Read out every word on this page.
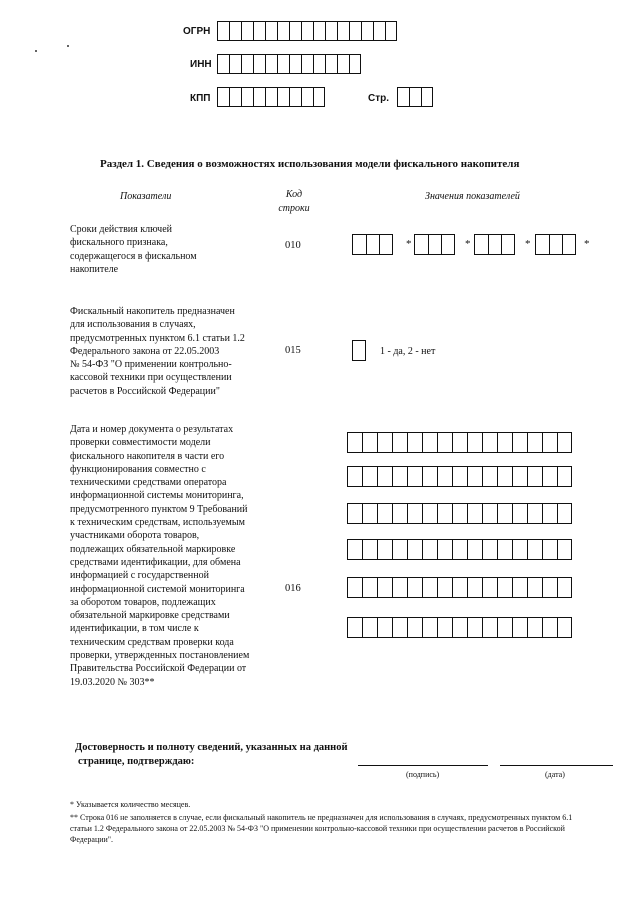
ОГРН
ИНН
КПП	Стр.
Раздел 1. Сведения о возможностях использования модели фискального накопителя
Показатели	Код
строки
Значения показателей
Сроки действия ключей
фискального признака,
содержащегося в фискальном
накопителе
010	*	*	*	*
Фискальный накопитель предназначен
для использования в случаях,
предусмотренных пунктом 6.1 статьи 1.2
Федерального закона от 22.05.2003
№ 54-ФЗ "О применении контрольно-
кассовой техники при осуществлении
расчетов в Российской Федерации"
015	1 - да, 2 - нет
Дата и номер документа о результатах
проверки совместимости модели
фискального накопителя в части его
функционирования совместно с
техническими средствами оператора
информационной системы мониторинга,
предусмотренного пунктом 9 Требований
к техническим средствам, используемым
участниками оборота товаров,
подлежащих обязательной маркировке
средствами идентификации, для обмена
информацией с государственной
информационной системой мониторинга
за оборотом товаров, подлежащих
обязательной маркировке средствами
идентификации, в том числе к
техническим средствам проверки кода
проверки, утвержденных постановлением
Правительства Российской Федерации от
19.03.2020 № 303**
016
Достоверность и полноту сведений, указанных на данной
странице, подтверждаю:
(подпись)	(дата)
* Указывается количество месяцев.
** Строка 016 не заполняется в случае, если фискальный накопитель не предназначен для использования в случаях, предусмотренных пунктом 6.1
статьи 1.2 Федерального закона от 22.05.2003 № 54-ФЗ "О применении контрольно-кассовой техники при осуществлении расчетов в Российской
Федерации".
